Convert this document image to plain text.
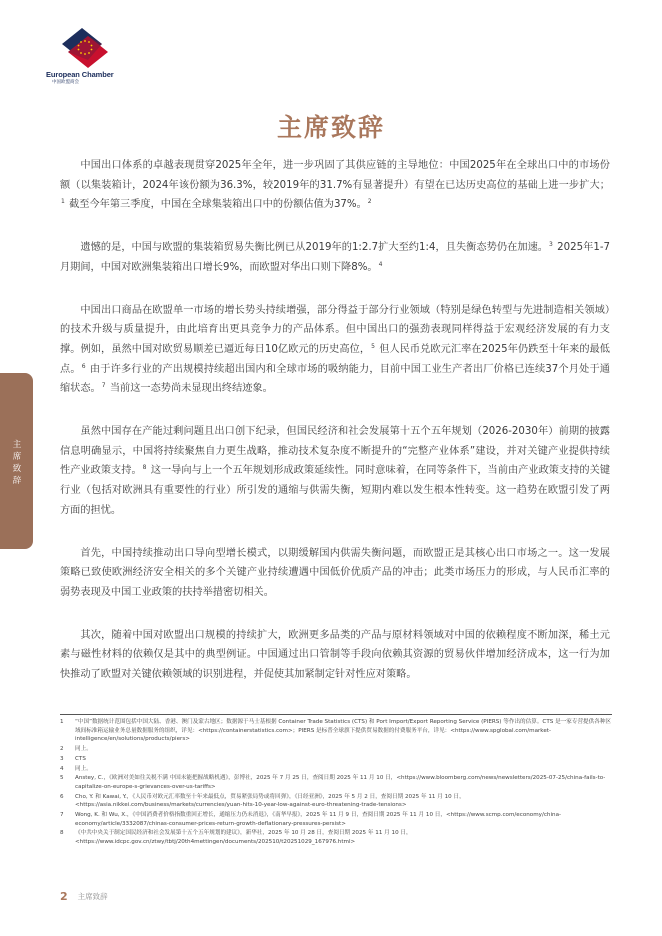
European Chamber
中国欧盟商会
主席致辞
主席致辞

中国出口体系的卓越表现贯穿2025年全年，进一步巩固了其供应链的主导地位：中国2025年在全球出口中的市场份额（以集装箱计，2024年该份额为36.3%，较2019年的31.7%有显著提升）有望在已达历史高位的基础上进一步扩大；$^1$ 截至今年第三季度，中国在全球集装箱出口中的份额估值为37%。$^2$

遗憾的是，中国与欧盟的集装箱贸易失衡比例已从2019年的1:2.7扩大至约1:4，且失衡态势仍在加速。$^3$ 2025年1-7月期间，中国对欧洲集装箱出口增长9%，而欧盟对华出口则下降8%。$^4$

中国出口商品在欧盟单一市场的增长势头持续增强，部分得益于部分行业领域（特别是绿色转型与先进制造相关领域）的技术升级与质量提升，由此培育出更具竞争力的产品体系。但中国出口的强劲表现同样得益于宏观经济发展的有力支撑。例如，虽然中国对欧贸易顺差已逼近每日10亿欧元的历史高位，$^5$ 但人民币兑欧元汇率在2025年仍跌至十年来的最低点。$^6$ 由于许多行业的产出规模持续超出国内和全球市场的吸纳能力，目前中国工业生产者出厂价格已连续37个月处于通缩状态。$^7$ 当前这一态势尚未显现出终结迹象。

虽然中国存在产能过剩问题且出口创下纪录，但国民经济和社会发展第十五个五年规划（2026-2030年）前期的披露信息明确显示，中国将持续聚焦自力更生战略，推动技术复杂度不断提升的“完整产业体系”建设，并对关键产业提供持续性产业政策支持。$^8$ 这一导向与上一个五年规划形成政策延续性。同时意味着，在同等条件下，当前由产业政策支持的关键行业（包括对欧洲具有重要性的行业）所引发的通缩与供需失衡，短期内难以发生根本性转变。这一趋势在欧盟引发了两方面的担忧。

首先，中国持续推动出口导向型增长模式，以期缓解国内供需失衡问题，而欧盟正是其核心出口市场之一。这一发展策略已致使欧洲经济安全相关的多个关键产业持续遭遇中国低价优质产品的冲击；此类市场压力的形成，与人民币汇率的弱势表现及中国工业政策的扶持举措密切相关。

其次，随着中国对欧盟出口规模的持续扩大，欧洲更多品类的产品与原材料领域对中国的依赖程度不断加深，稀土元素与磁性材料的依赖仅是其中的典型例证。中国通过出口管制等手段向依赖其资源的贸易伙伴增加经济成本，这一行为加快推动了欧盟对关键依赖领域的识别进程，并促使其加紧制定针对性应对策略。

1	“中国”数据统计范围包括中国大陆、香港、澳门及蒙古地区；数据源于马士基根据 Container Trade Statistics (CTS) 和 Port Import/Export Reporting Service (PIERS) 等作出的估算。CTS 是一家专营提供各种区域间标准箱运输业务总量数据服务的组织，详见：<https://containerstatistics.com>；PIERS 是标普全球旗下提供贸易数据的付费服务平台，详见：<https://www.spglobal.com/market-intelligence/en/solutions/products/piers>
2	同上。
3	CTS
4	同上。
5	Anstey, C.，《欧洲对美如往关税不满 中国未能把握战略机遇》，彭博社，2025 年 7 月 25 日，查阅日期 2025 年 11 月 10 日，<https://www.bloomberg.com/news/newsletters/2025-07-25/china-fails-to-capitalize-on-europe-s-grievances-over-us-tariffs>
6	Cho, Y. 和 Kawai, Y.，《人民币对欧元汇率数至十年来最低点，贸易紧张局势或将回弹》，《日经亚洲》，2025 年 5 月 2 日，查阅日期 2025 年 11 月 10 日，<https://asia.nikkei.com/business/markets/currencies/yuan-hits-10-year-low-against-euro-threatening-trade-tensions>
7	Wong, K. 和 Wu, X.，《中国消费者价格指数重回正增长，通缩压力仍未消退》，《南华早报》，2025 年 11 月 9 日，查阅日期 2025 年 11 月 10 日，<https://www.scmp.com/economy/china-economy/article/3332087/chinas-consumer-prices-return-growth-deflationary-pressures-persist>
8	《中共中央关于制定国民经济和社会发展第十五个五年规划的建议》，新华社，2025 年 10 月 28 日，查阅日期 2025 年 11 月 10 日，<https://www.idcpc.gov.cn/ztwy/tbtj/20th4mettingen/documents/202510/t20251029_167976.html>
2 主席致辞
